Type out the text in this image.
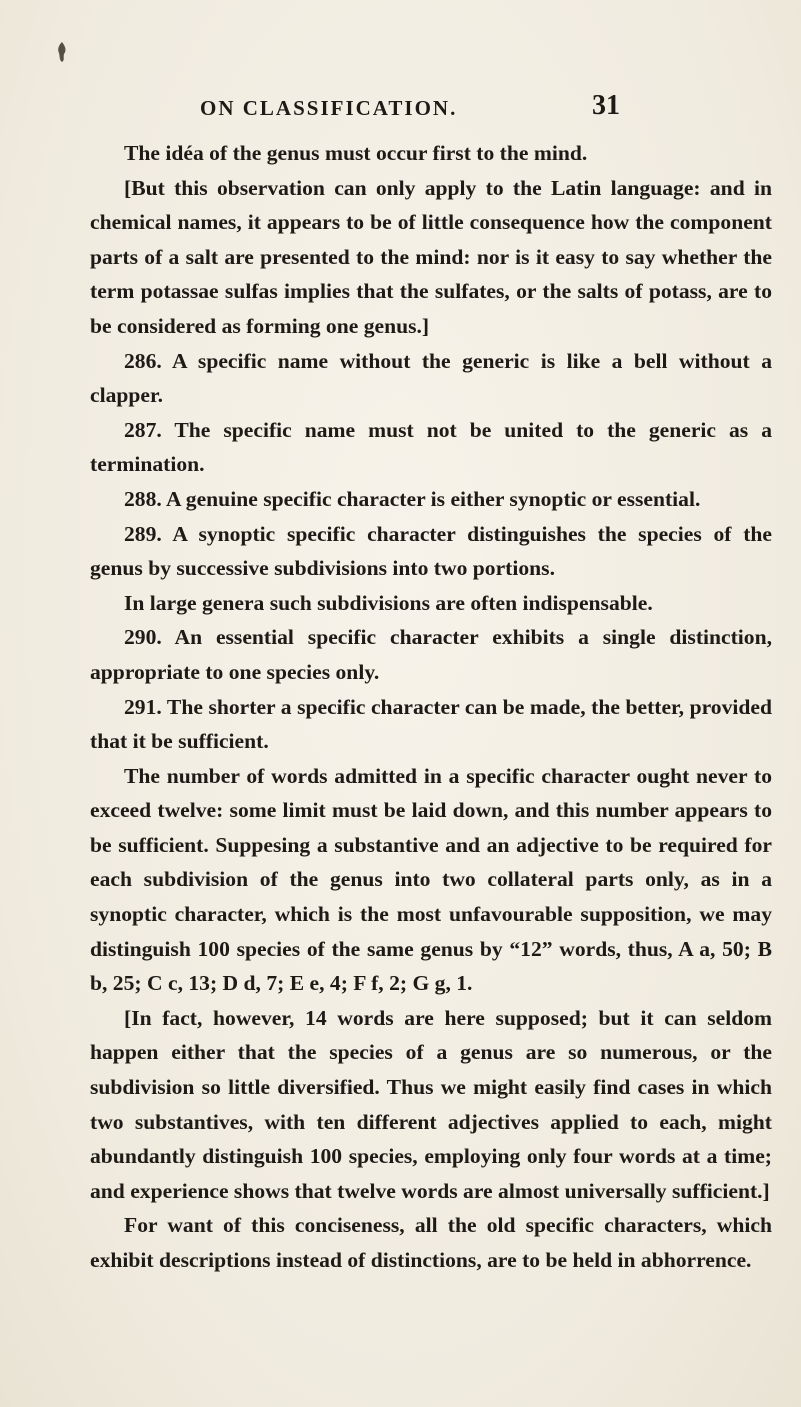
ON CLASSIFICATION.	31

The idéa of the genus must occur first to the mind.

[But this observation can only apply to the Latin language: and in chemical names, it appears to be of little consequence how the component parts of a salt are presented to the mind: nor is it easy to say whether the term potassae sulfas implies that the sulfates, or the salts of potass, are to be considered as forming one genus.]

286. A specific name without the generic is like a bell without a clapper.

287. The specific name must not be united to the generic as a termination.

288. A genuine specific character is either synoptic or essential.

289. A synoptic specific character distinguishes the species of the genus by successive subdivisions into two portions.

In large genera such subdivisions are often indispensable.

290. An essential specific character exhibits a single distinction, appropriate to one species only.

291. The shorter a specific character can be made, the better, provided that it be sufficient.

The number of words admitted in a specific character ought never to exceed twelve: some limit must be laid down, and this number appears to be sufficient. Suppesing a substantive and an adjective to be required for each subdivision of the genus into two collateral parts only, as in a synoptic character, which is the most unfavourable supposition, we may distinguish 100 species of the same genus by “12” words, thus, A a, 50; B b, 25; C c, 13; D d, 7; E e, 4; F f, 2; G g, 1.

[In fact, however, 14 words are here supposed; but it can seldom happen either that the species of a genus are so numerous, or the subdivision so little diversified. Thus we might easily find cases in which two substantives, with ten different adjectives applied to each, might abundantly distinguish 100 species, employing only four words at a time; and experience shows that twelve words are almost universally sufficient.]

For want of this conciseness, all the old specific characters, which exhibit descriptions instead of distinctions, are to be held in abhorrence.
